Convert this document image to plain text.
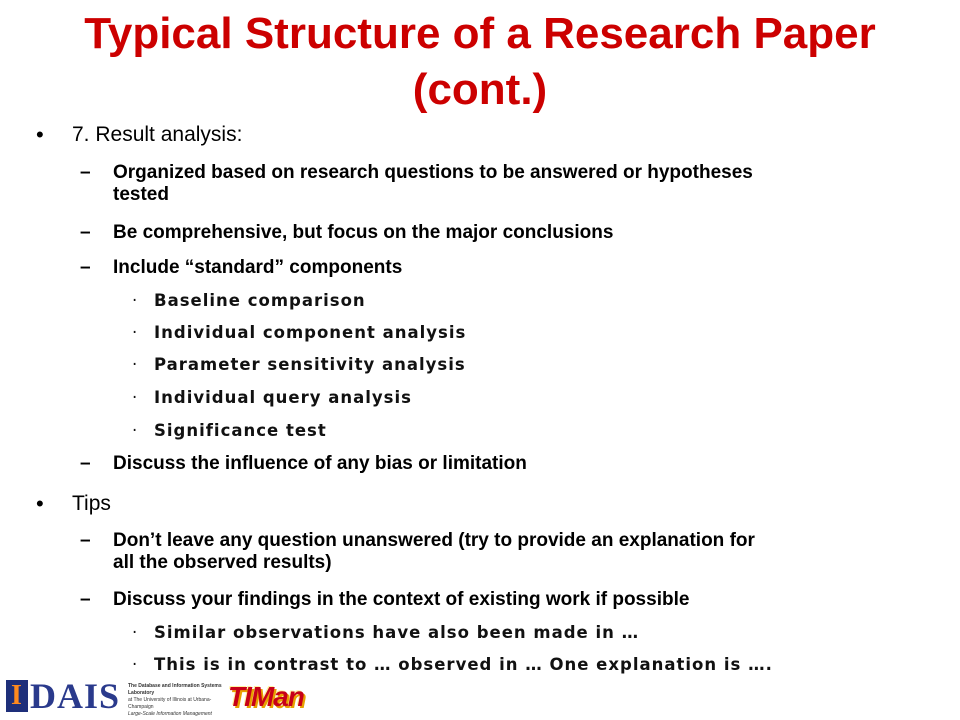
Typical Structure of a Research Paper
(cont.)
• 7. Result analysis:
– Organized based on research questions to be answered or hypotheses
tested
– Be comprehensive, but focus on the major conclusions
– Include “standard” components
· Baseline comparison
· Individual component analysis
· Parameter sensitivity analysis
· Individual query analysis
· Significance test
– Discuss the influence of any bias or limitation
• Tips
– Don’t leave any question unanswered (try to provide an explanation for
all the observed results)
– Discuss your findings in the context of existing work if possible
· Similar observations have also been made in …
· This is in contrast to … observed in … One explanation is ….
I DAIS	The Database and Information Systems Laboratory
at The University of Illinois at Urbana-Champaign
Large-Scale Information Management
TIMan
